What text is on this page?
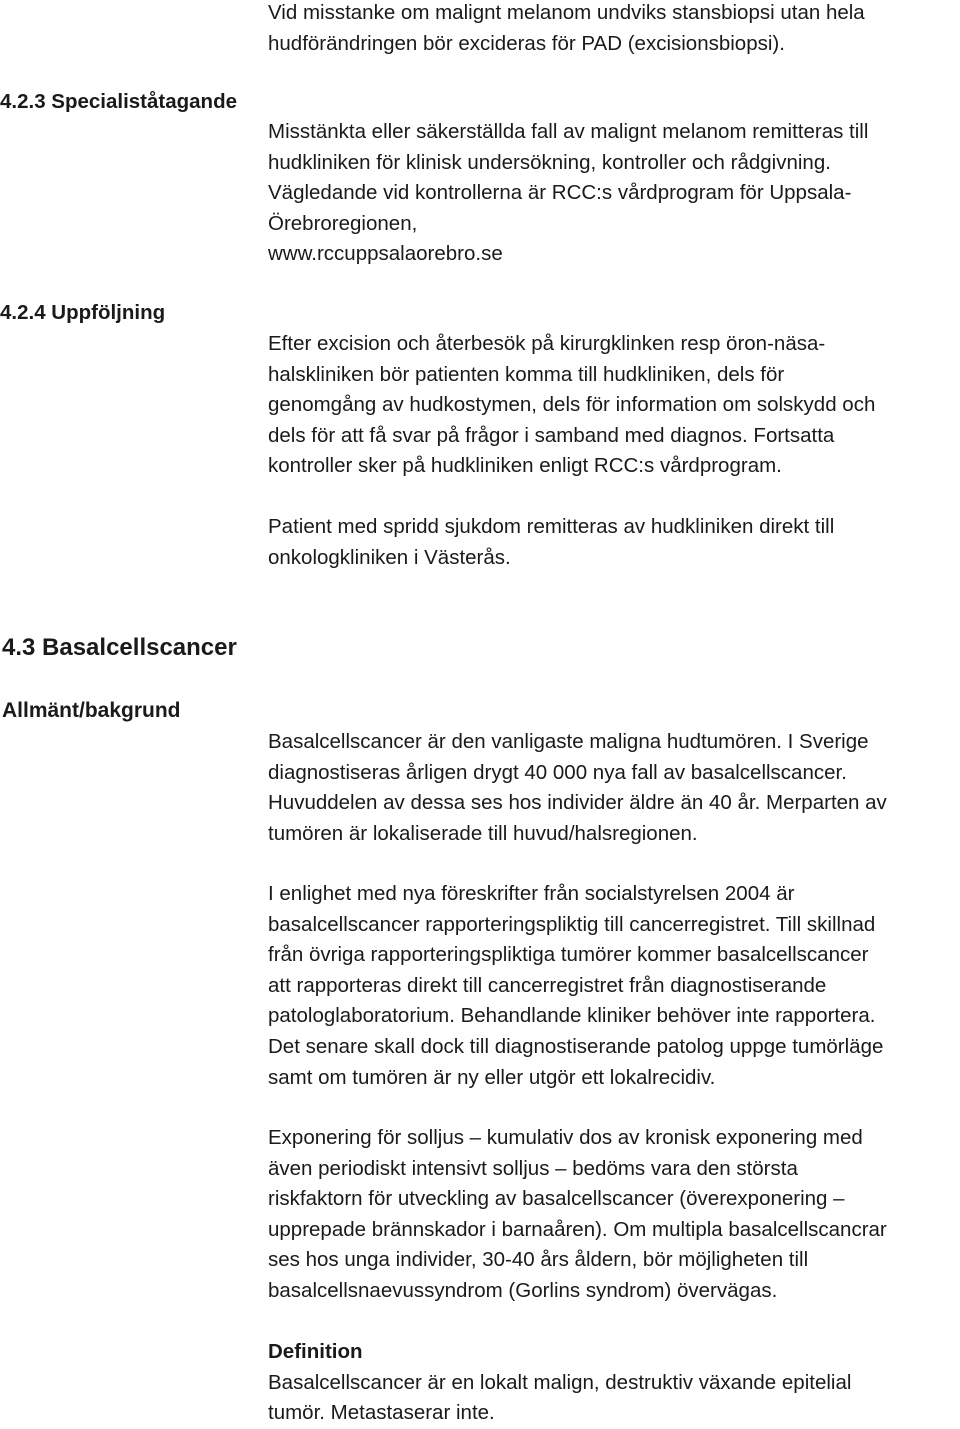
Vid misstanke om malignt melanom undviks stansbiopsi utan hela
hudförändringen bör excideras för PAD (excisionsbiopsi).
4.2.3 Specialiståtagande
Misstänkta eller säkerställda fall av malignt melanom remitteras till
hudkliniken för klinisk undersökning, kontroller och rådgivning.
Vägledande vid kontrollerna är RCC:s vårdprogram för Uppsala-
Örebroregionen,
www.rccuppsalaorebro.se
4.2.4 Uppföljning
Efter excision och återbesök på kirurgklinken resp öron-näsa-
halskliniken bör patienten komma till hudkliniken, dels för
genomgång av hudkostymen, dels för information om solskydd och
dels för att få svar på frågor i samband med diagnos. Fortsatta
kontroller sker på hudkliniken enligt RCC:s vårdprogram.
Patient med spridd sjukdom remitteras av hudkliniken direkt till
onkologkliniken i Västerås.
4.3 Basalcellscancer
Allmänt/bakgrund
Basalcellscancer är den vanligaste maligna hudtumören. I Sverige
diagnostiseras årligen drygt 40 000 nya fall av basalcellscancer.
Huvuddelen av dessa ses hos individer äldre än 40 år. Merparten av
tumören är lokaliserade till huvud/halsregionen.
I enlighet med nya föreskrifter från socialstyrelsen 2004 är
basalcellscancer rapporteringspliktig till cancerregistret. Till skillnad
från övriga rapporteringspliktiga tumörer kommer basalcellscancer
att rapporteras direkt till cancerregistret från diagnostiserande
patologlaboratorium. Behandlande kliniker behöver inte rapportera.
Det senare skall dock till diagnostiserande patolog uppge tumörläge
samt om tumören är ny eller utgör ett lokalrecidiv.
Exponering för solljus – kumulativ dos av kronisk exponering med
även periodiskt intensivt solljus – bedöms vara den största
riskfaktorn för utveckling av basalcellscancer (överexponering –
upprepade brännskador i barnaåren). Om multipla basalcellscancrar
ses hos unga individer, 30-40 års åldern, bör möjligheten till
basalcellsnaevussyndrom (Gorlins syndrom) övervägas.
Definition
Basalcellscancer är en lokalt malign, destruktiv växande epitelial
tumör. Metastaserar inte.
